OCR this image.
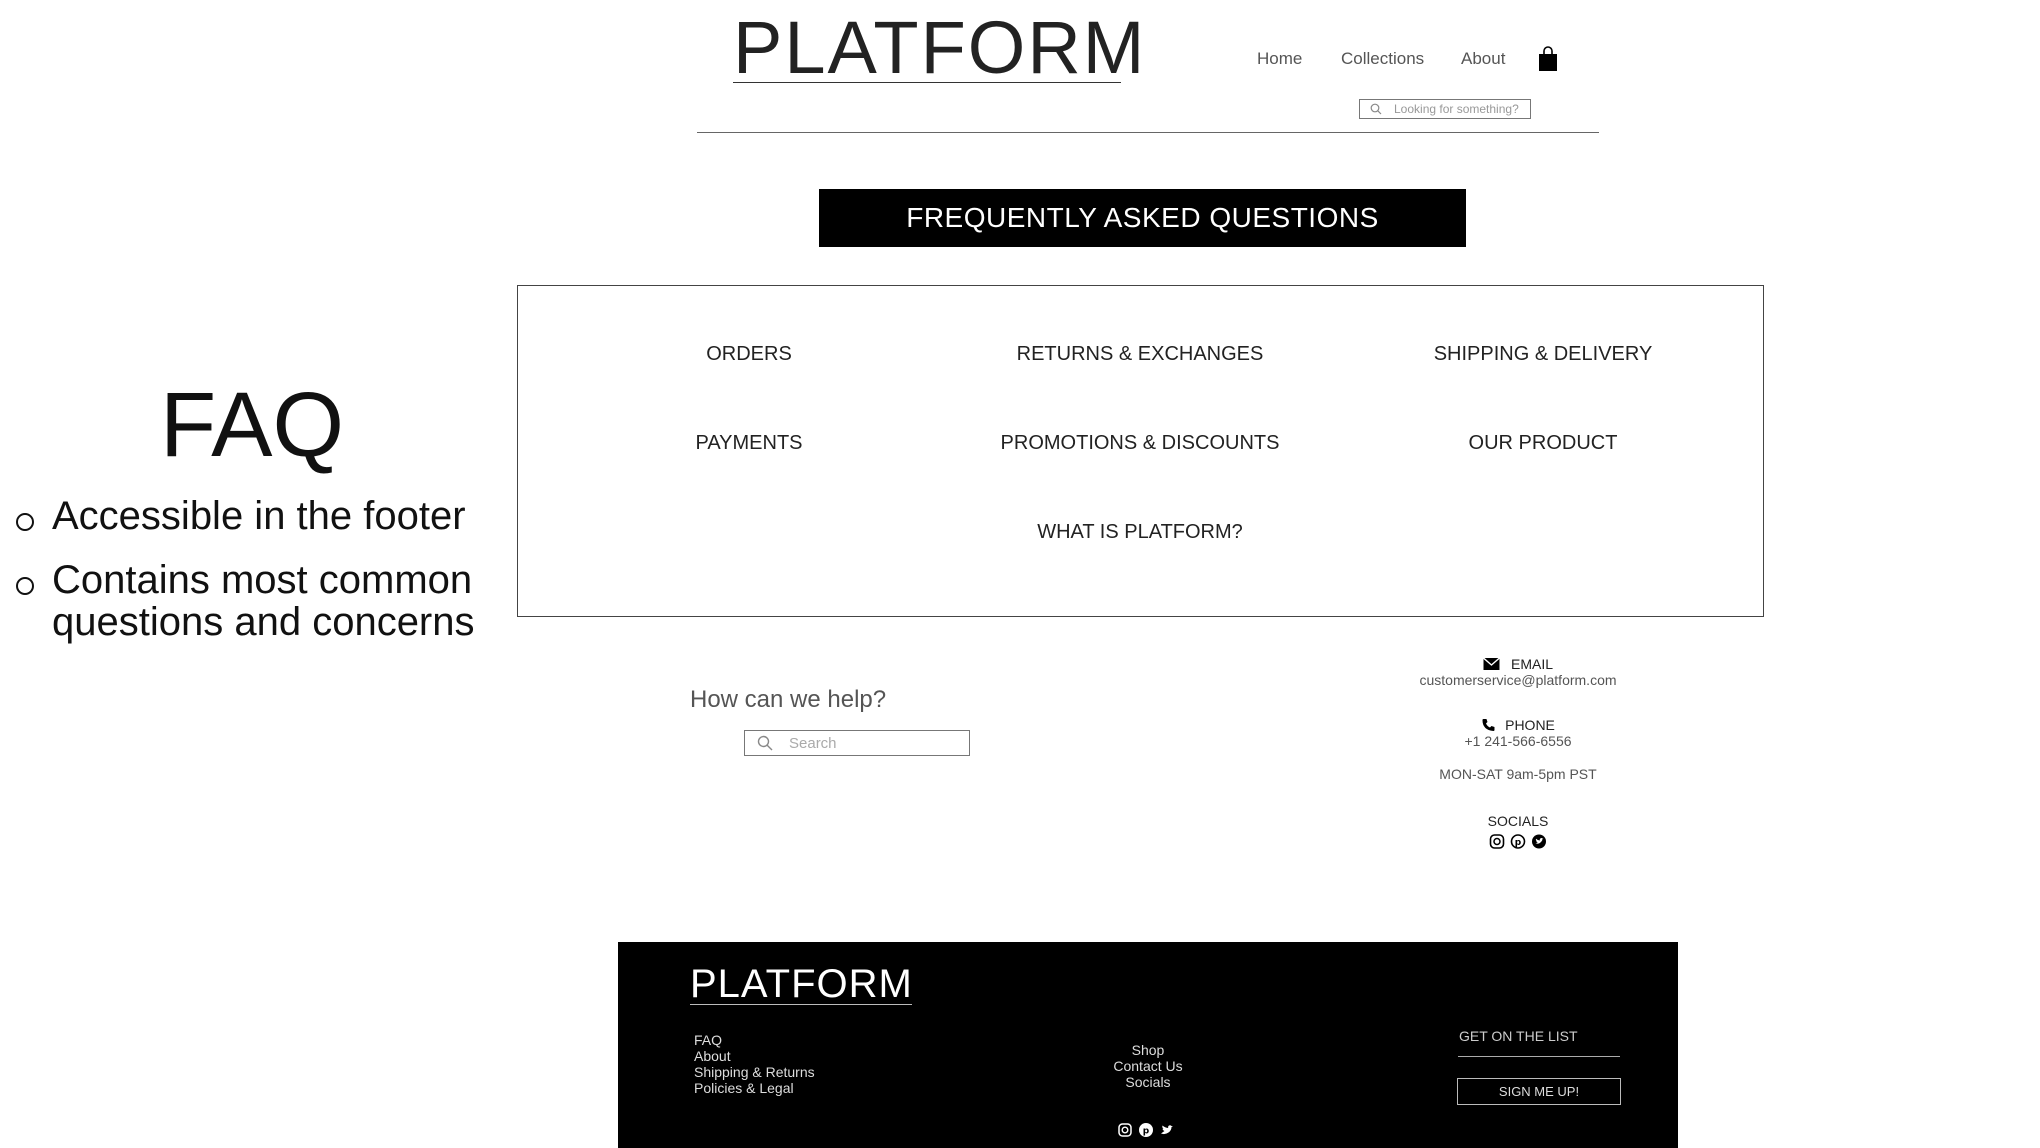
PLATFORM	Home Collections About
Looking for something?
FREQUENTLY ASKED QUESTIONS
ORDERS	RETURNS & EXCHANGES	SHIPPING & DELIVERY
PAYMENTS	PROMOTIONS & DISCOUNTS	OUR PRODUCT
WHAT IS PLATFORM?
FAQ
Accessible in the footer
Contains most common
questions and concerns
How can we help?
Search
EMAIL
customerservice@platform.com
PHONE
+1 241-566-6556
MON-SAT 9am-5pm PST
SOCIALS
p
PLATFORM
FAQ
About
Shipping & Returns
Policies & Legal
Shop
Contact Us
Socials
p
GET ON THE LIST
SIGN ME UP!
